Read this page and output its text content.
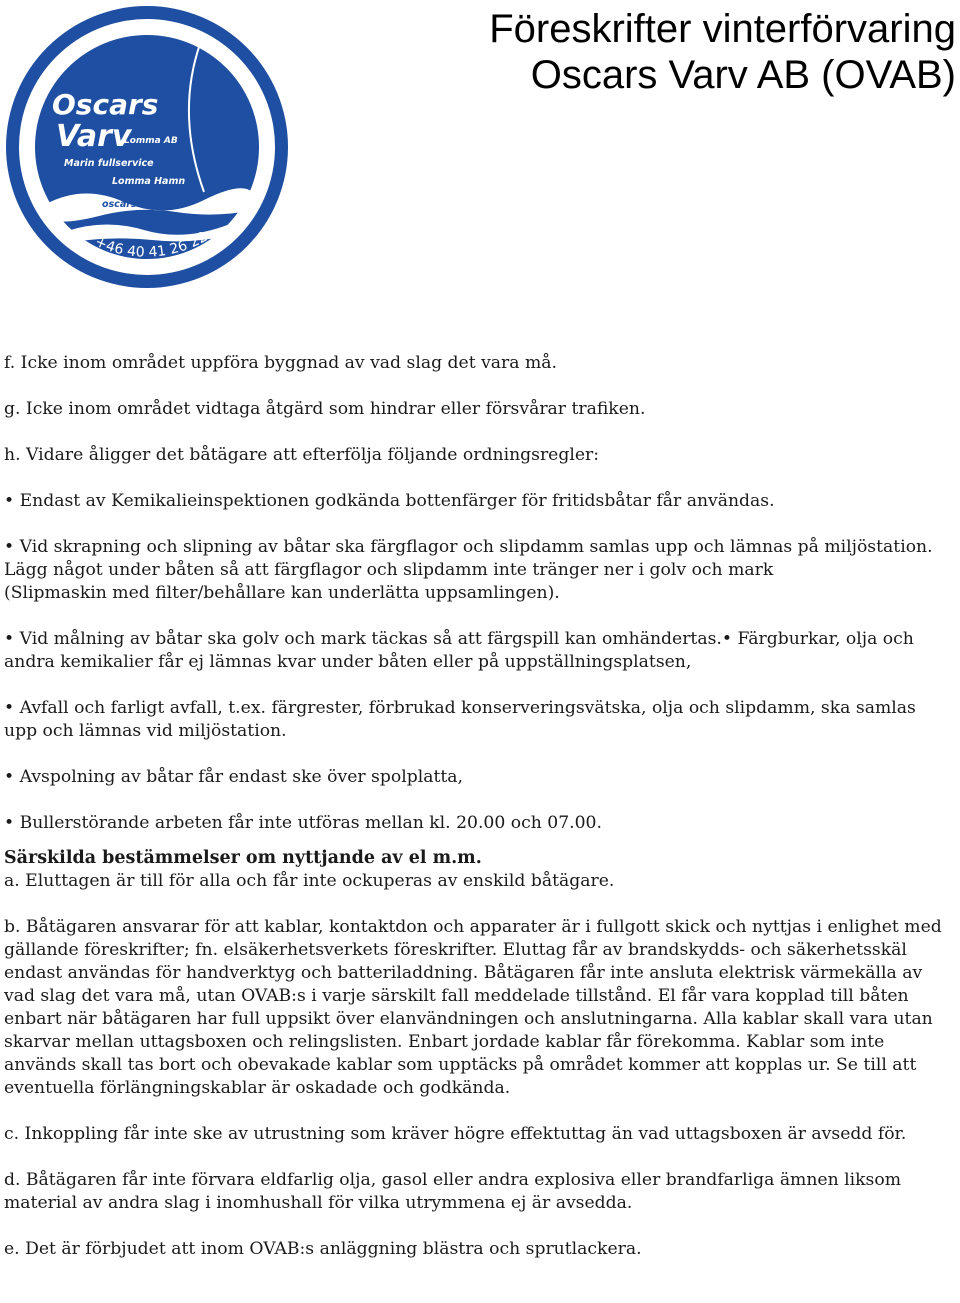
Oscars
Varv
Lomma AB
Marin fullservice
Lomma Hamn
oscarsvarv.se
+46 40 41 26 22
Föreskrifter vinterförvaring
Oscars Varv AB (OVAB)

f. Icke inom området uppföra byggnad av vad slag det vara må.

g. Icke inom området vidtaga åtgärd som hindrar eller försvårar trafiken.

h. Vidare åligger det båtägare att efterfölja följande ordningsregler:

• Endast av Kemikalieinspektionen godkända bottenfärger för fritidsbåtar får användas.

• Vid skrapning och slipning av båtar ska färgflagor och slipdamm samlas upp och lämnas på miljöstation.

Lägg något under båten så att färgflagor och slipdamm inte tränger ner i golv och mark

(Slipmaskin med filter/behållare kan underlätta uppsamlingen).

• Vid målning av båtar ska golv och mark täckas så att färgspill kan omhändertas.• Färgburkar, olja och

andra kemikalier får ej lämnas kvar under båten eller på uppställningsplatsen,

• Avfall och farligt avfall, t.ex. färgrester, förbrukad konserveringsvätska, olja och slipdamm, ska samlas

upp och lämnas vid miljöstation.

• Avspolning av båtar får endast ske över spolplatta,

• Bullerstörande arbeten får inte utföras mellan kl. 20.00 och 07.00.

Särskilda bestämmelser om nyttjande av el m.m.

a. Eluttagen är till för alla och får inte ockuperas av enskild båtägare.

b. Båtägaren ansvarar för att kablar, kontaktdon och apparater är i fullgott skick och nyttjas i enlighet med

gällande föreskrifter; fn. elsäkerhetsverkets föreskrifter. Eluttag får av brandskydds- och säkerhetsskäl

endast användas för handverktyg och batteriladdning. Båtägaren får inte ansluta elektrisk värmekälla av

vad slag det vara må, utan OVAB:s i varje särskilt fall meddelade tillstånd. El får vara kopplad till båten

enbart när båtägaren har full uppsikt över elanvändningen och anslutningarna. Alla kablar skall vara utan

skarvar mellan uttagsboxen och relingslisten. Enbart jordade kablar får förekomma. Kablar som inte

används skall tas bort och obevakade kablar som upptäcks på området kommer att kopplas ur. Se till att

eventuella förlängningskablar är oskadade och godkända.

c. Inkoppling får inte ske av utrustning som kräver högre effektuttag än vad uttagsboxen är avsedd för.

d. Båtägaren får inte förvara eldfarlig olja, gasol eller andra explosiva eller brandfarliga ämnen liksom

material av andra slag i inomhushall för vilka utrymmena ej är avsedda.

e. Det är förbjudet att inom OVAB:s anläggning blästra och sprutlackera.
